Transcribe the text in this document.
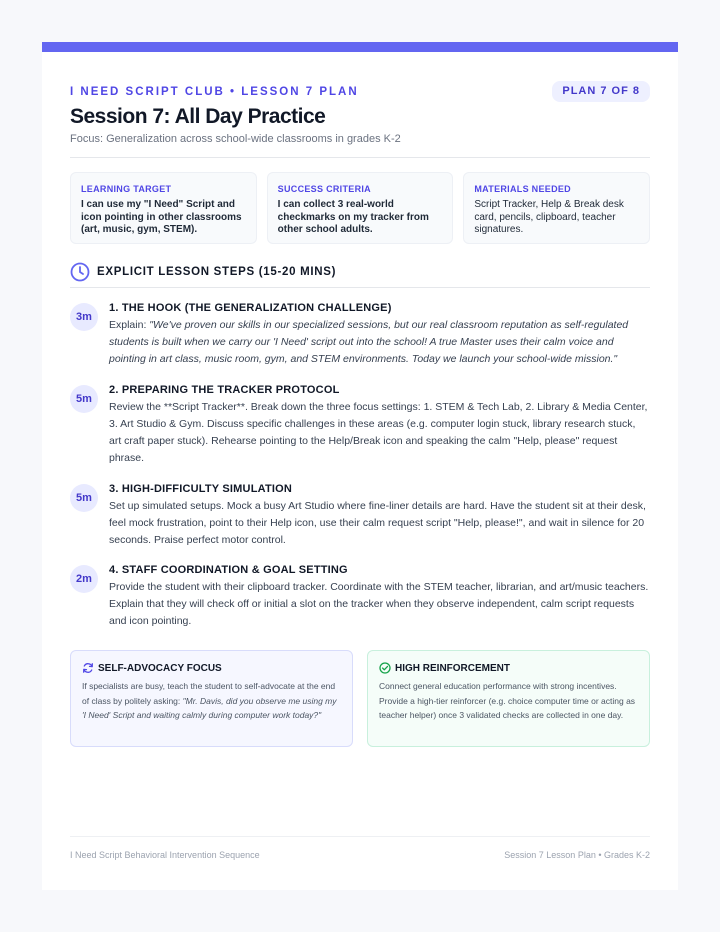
I NEED SCRIPT CLUB • LESSON 7 PLAN	PLAN 7 OF 8
Session 7: All Day Practice
Focus: Generalization across school-wide classrooms in grades K-2
LEARNING TARGET
I can use my "I Need" Script and icon pointing in other classrooms (art, music, gym, STEM).
SUCCESS CRITERIA
I can collect 3 real-world checkmarks on my tracker from other school adults.
MATERIALS NEEDED
Script Tracker, Help & Break desk card, pencils, clipboard, teacher signatures.
EXPLICIT LESSON STEPS (15-20 MINS)
3m
1. THE HOOK (THE GENERALIZATION CHALLENGE)
Explain: "We've proven our skills in our specialized sessions, but our real classroom reputation as self-regulated students is built when we carry our 'I Need' script out into the school! A true Master uses their calm voice and pointing in art class, music room, gym, and STEM environments. Today we launch your school-wide mission."
5m
2. PREPARING THE TRACKER PROTOCOL
Review the **Script Tracker**. Break down the three focus settings: 1. STEM & Tech Lab, 2. Library & Media Center, 3. Art Studio & Gym. Discuss specific challenges in these areas (e.g. computer login stuck, library research stuck, art craft paper stuck). Rehearse pointing to the Help/Break icon and speaking the calm "Help, please" request phrase.
5m
3. HIGH-DIFFICULTY SIMULATION
Set up simulated setups. Mock a busy Art Studio where fine-liner details are hard. Have the student sit at their desk, feel mock frustration, point to their Help icon, use their calm request script "Help, please!", and wait in silence for 20 seconds. Praise perfect motor control.
2m
4. STAFF COORDINATION & GOAL SETTING
Provide the student with their clipboard tracker. Coordinate with the STEM teacher, librarian, and art/music teachers. Explain that they will check off or initial a slot on the tracker when they observe independent, calm script requests and icon pointing.
SELF-ADVOCACY FOCUS
If specialists are busy, teach the student to self-advocate at the end of class by politely asking: "Mr. Davis, did you observe me using my 'I Need' Script and waiting calmly during computer work today?"
HIGH REINFORCEMENT
Connect general education performance with strong incentives. Provide a high-tier reinforcer (e.g. choice computer time or acting as teacher helper) once 3 validated checks are collected in one day.
I Need Script Behavioral Intervention Sequence	Session 7 Lesson Plan • Grades K-2
